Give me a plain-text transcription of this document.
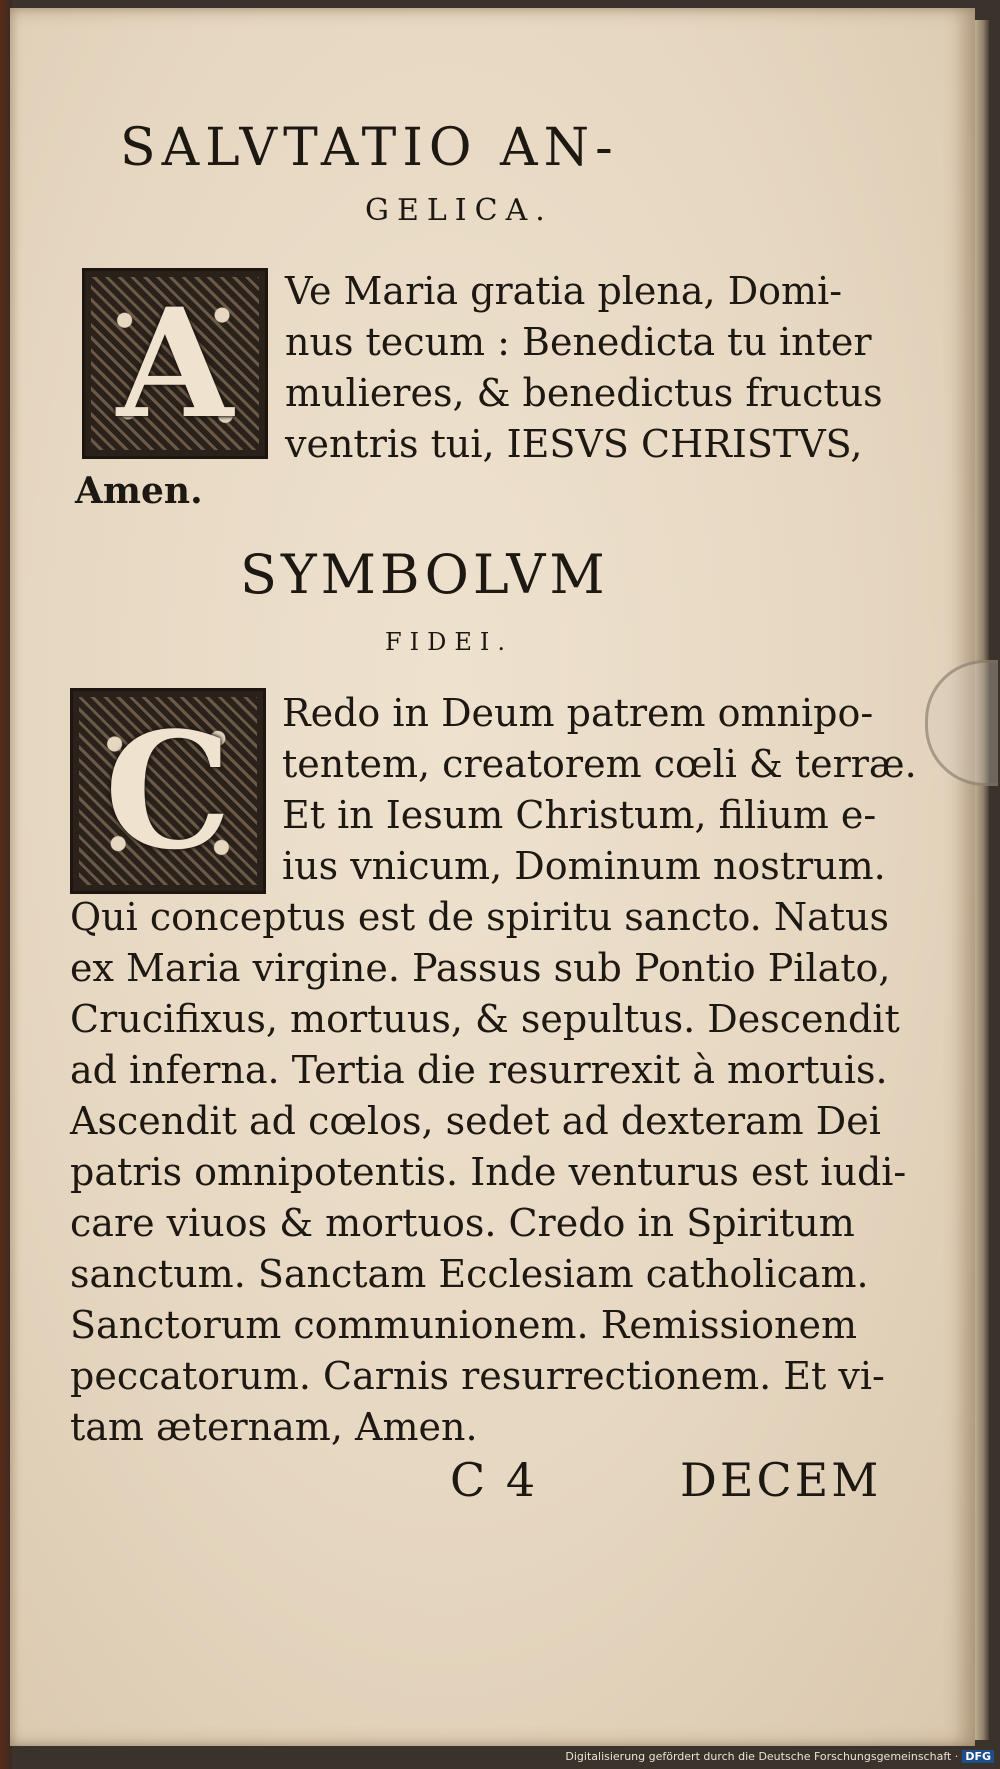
SALVTATIO AN-
GELICA.
A	Ve Maria gratia plena, Domi-
nus tecum : Benedicta tu inter
mulieres, & benedictus fructus
ventris tui, IESVS CHRISTVS,
Amen.
SYMBOLVM
FIDEI.
C	Redo in Deum patrem omnipo-
tentem, creatorem cœli & terræ.
Et in Iesum Christum, filium e-
ius vnicum, Dominum nostrum.
Qui conceptus est de spiritu sancto. Natus
ex Maria virgine. Passus sub Pontio Pilato,
Crucifixus, mortuus, & sepultus. Descendit
ad inferna. Tertia die resurrexit à mortuis.
Ascendit ad cœlos, sedet ad dexteram Dei
patris omnipotentis. Inde venturus est iudi-
care viuos & mortuos. Credo in Spiritum
sanctum. Sanctam Ecclesiam catholicam.
Sanctorum communionem. Remissionem
peccatorum. Carnis resurrectionem. Et vi-
tam æternam, Amen.
C 4	DECEM
Digitalisierung gefördert durch die Deutsche Forschungsgemeinschaft · DFG
